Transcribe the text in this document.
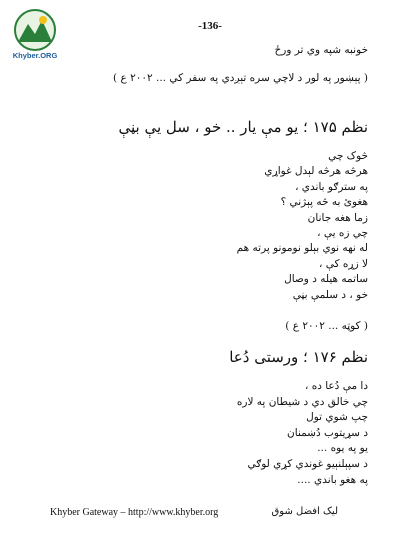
Khyber.ORG
-136-
خونبه شپه وي تر ورځ
( پېښور په لور د لاچي سره تېږدي په سفر کي ... ۲۰۰۲ ع )
نظم ۱۷۵ ؛ يو مې يار .. خو ، سل يې بڼې
څوک چي
هرڅه هرڅه لېدل غواړي
په سترګو باندي ،
هغوئ به څه پېژني ؟
زما هغه جانان
چي زه يې ،
له نهه نوي بېلو نومونو پرته هم
لا زړه کې ،
ساتمه هيله د وصال
خو ، د سلمې بڼې
( کوټه ... ۲۰۰۲ ع )
نظم ۱۷۶ ؛ ورستی دُعا
دا مې دُعا ده ،
چي خالق دي د شيطان په لاره
چپ شوي تول
د سړيتوب دُښمنان
يو په يوه ...
د سپېلنېيو غوندي کړي لوګي
په هغو باندي ....
Khyber Gateway – http://www.khyber.org	ليک افضل شوق
